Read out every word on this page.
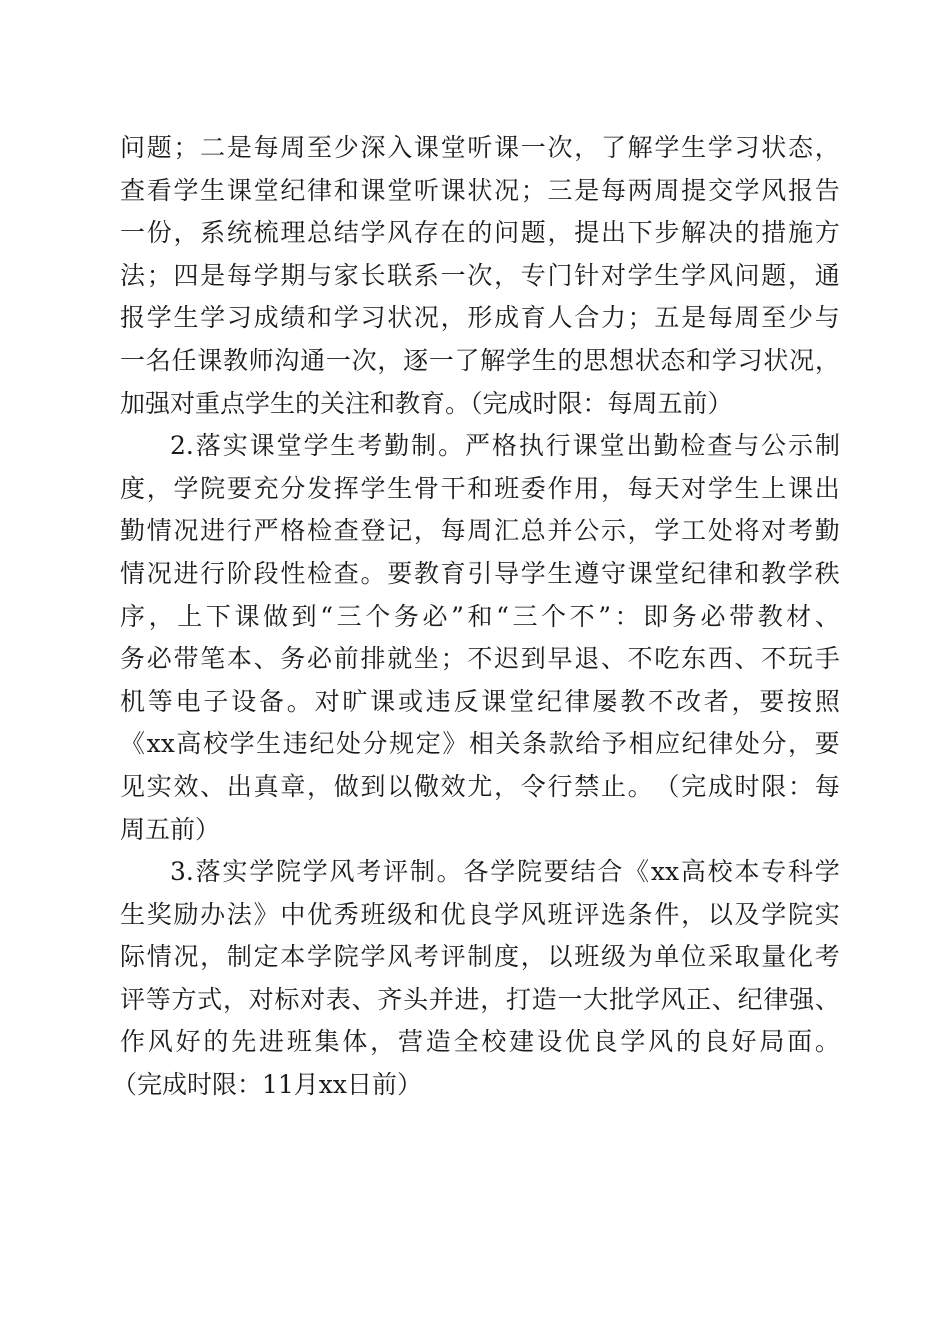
问 题 ； 二 是 每 周 至 少 深 入 课 堂 听 课 一 次 ， 了 解 学 生 学 习 状 态 ，
查 看 学 生 课 堂 纪 律 和 课 堂 听 课 状 况 ； 三 是 每 两 周 提 交 学 风 报 告
一 份 ， 系 统 梳 理 总 结 学 风 存 在 的 问 题 ， 提 出 下 步 解 决 的 措 施 方
法 ； 四 是 每 学 期 与 家 长 联 系 一 次 ， 专 门 针 对 学 生 学 风 问 题 ， 通
报 学 生 学 习 成 绩 和 学 习 状 况 ， 形 成 育 人 合 力 ； 五 是 每 周 至 少 与
一 名 任 课 教 师 沟 通 一 次 ， 逐 一 了 解 学 生 的 思 想 状 态 和 学 习 状 况 ，
加强对重点学生的关注和教育。（完成时限：每周五前）
2. 落 实 课 堂 学 生 考 勤 制 。 严 格 执 行 课 堂 出 勤 检 查 与 公 示 制
度 ， 学 院 要 充 分 发 挥 学 生 骨 干 和 班 委 作 用 ， 每 天 对 学 生 上 课 出
勤 情 况 进 行 严 格 检 查 登 记 ， 每 周 汇 总 并 公 示 ， 学 工 处 将 对 考 勤
情 况 进 行 阶 段 性 检 查 。 要 教 育 引 导 学 生 遵 守 课 堂 纪 律 和 教 学 秩
序 ， 上 下 课 做 到 “ 三 个 务 必 ” 和 “ 三 个 不 ” ： 即 务 必 带 教 材 、
务 必 带 笔 本 、 务 必 前 排 就 坐 ； 不 迟 到 早 退 、 不 吃 东 西 、 不 玩 手
机 等 电 子 设 备 。 对 旷 课 或 违 反 课 堂 纪 律 屡 教 不 改 者 ， 要 按 照
《 xx 高 校 学 生 违 纪 处 分 规 定 》 相 关 条 款 给 予 相 应 纪 律 处 分 ， 要
见 实 效 、 出 真 章 ， 做 到 以 儆 效 尤 ， 令 行 禁 止 。 （ 完 成 时 限 ： 每
周五前）
3. 落 实 学 院 学 风 考 评 制 。 各 学 院 要 结 合 《 xx 高 校 本 专 科 学
生 奖 励 办 法 》 中 优 秀 班 级 和 优 良 学 风 班 评 选 条 件 ， 以 及 学 院 实
际 情 况 ， 制 定 本 学 院 学 风 考 评 制 度 ， 以 班 级 为 单 位 采 取 量 化 考
评 等 方 式 ， 对 标 对 表 、 齐 头 并 进 ， 打 造 一 大 批 学 风 正 、 纪 律 强 、
作 风 好 的 先 进 班 集 体 ， 营 造 全 校 建 设 优 良 学 风 的 良 好 局 面 。
（完成时限：11月xx日前）
